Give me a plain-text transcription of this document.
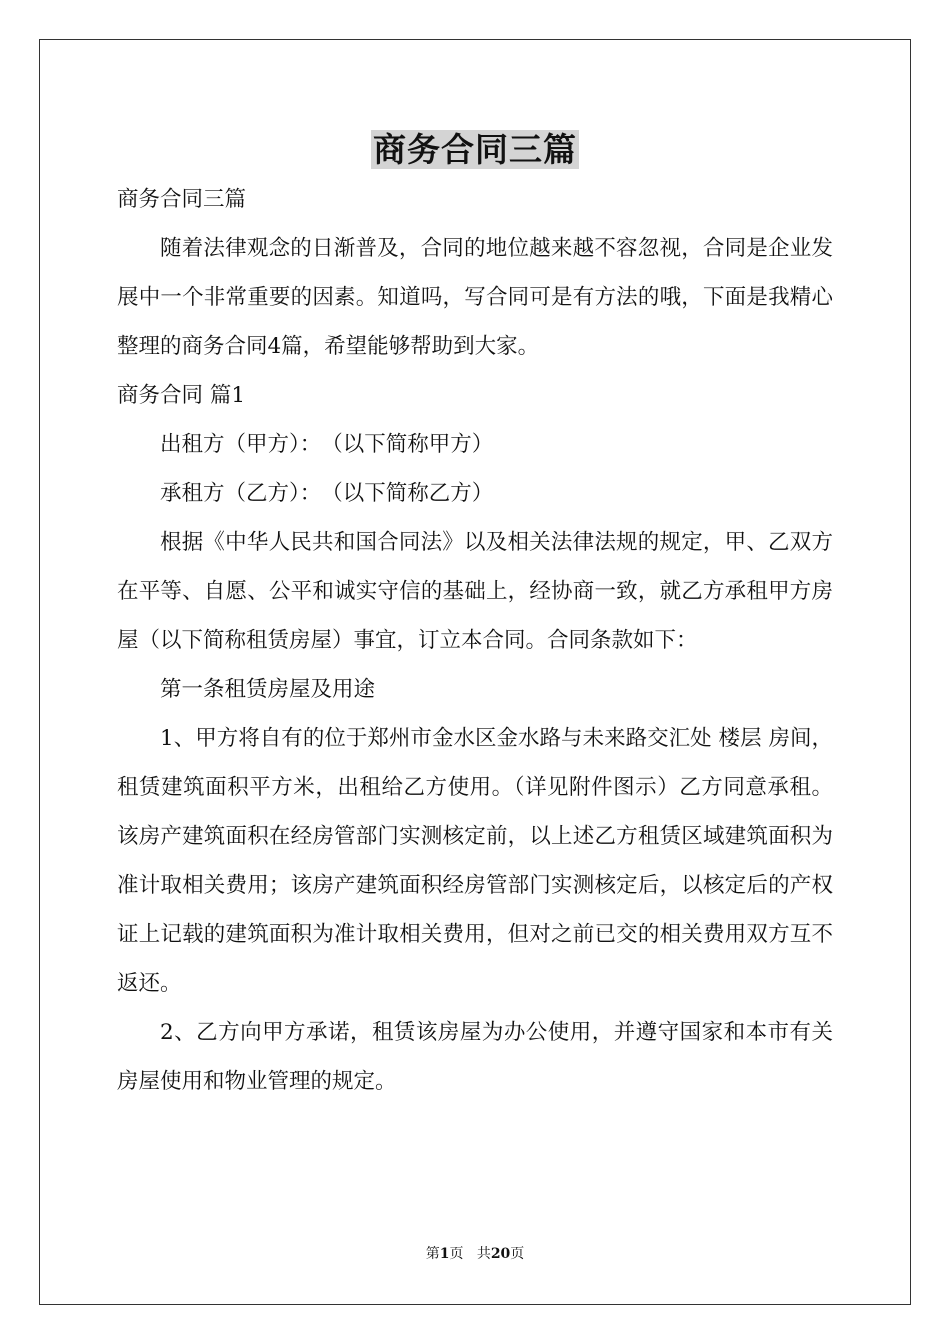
商务合同三篇

商务合同三篇

随着法律观念的日渐普及，合同的地位越来越不容忽视，合同是企业发展中一个非常重要的因素。知道吗，写合同可是有方法的哦，下面是我精心整理的商务合同4篇，希望能够帮助到大家。

商务合同 篇1

出租方（甲方）：　（以下简称甲方）

承租方（乙方）：　（以下简称乙方）

根据《中华人民共和国合同法》以及相关法律法规的规定，甲、乙双方在平等、自愿、公平和诚实守信的基础上，经协商一致，就乙方承租甲方房屋（以下简称租赁房屋）事宜，订立本合同。合同条款如下：

第一条租赁房屋及用途

1、甲方将自有的位于郑州市金水区金水路与未来路交汇处 楼层 房间，租赁建筑面积平方米，出租给乙方使用。（详见附件图示）乙方同意承租。该房产建筑面积在经房管部门实测核定前，以上述乙方租赁区域建筑面积为准计取相关费用；该房产建筑面积经房管部门实测核定后，以核定后的产权证上记载的建筑面积为准计取相关费用，但对之前已交的相关费用双方互不返还。

2、乙方向甲方承诺，租赁该房屋为办公使用，并遵守国家和本市有关房屋使用和物业管理的规定。

第1页 共20页
